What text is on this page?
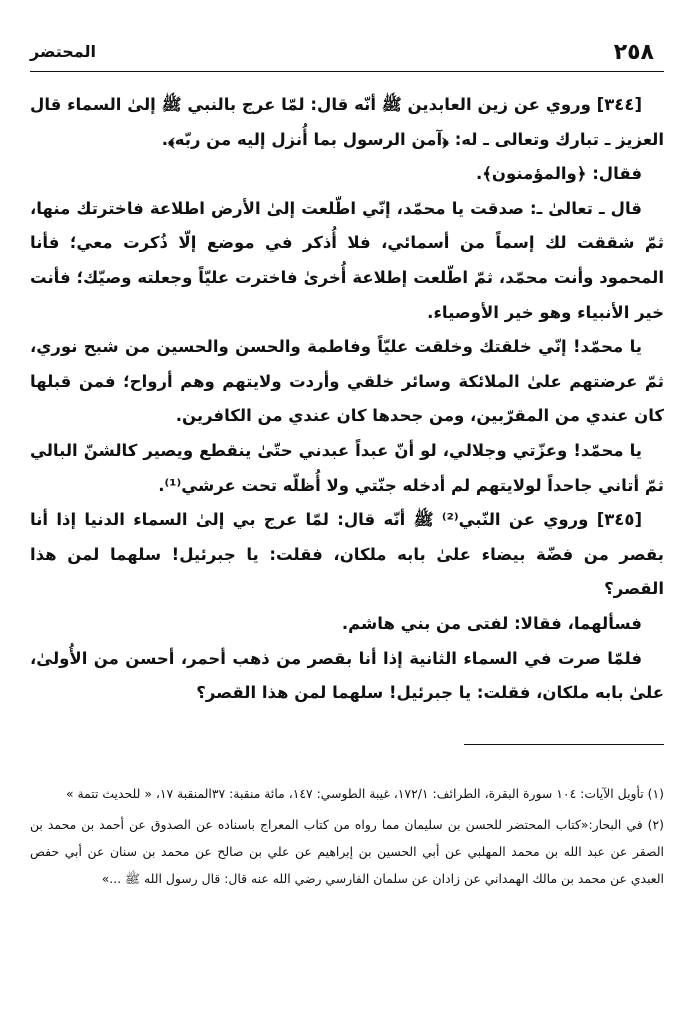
٢٥٨
المحتضر

[٣٤٤] وروي عن زين العابدين ﷺ أنّه قال: لمّا عرج بالنبي ﷺ إلىٰ السماء قال العزيز ـ تبارك وتعالى ـ له: ﴿آمن الرسول بما أُنزل إليه من ربّه﴾.

فقال: ﴿والمؤمنون﴾.

قال ـ تعالىٰ ـ: صدقت يا محمّد، إنّي اطّلعت إلىٰ الأرض اطلاعة فاخترتك منها، ثمّ شققت لك إسماً من أسمائي، فلا أُذكر في موضع إلّا ذُكرت معي؛ فأنا المحمود وأنت محمّد، ثمّ اطّلعت إطلاعة أُخرىٰ فاخترت عليّاً وجعلته وصيّك؛ فأنت خير الأنبياء وهو خير الأوصياء.

يا محمّد! إنّي خلقتك وخلقت عليّاً وفاطمة والحسن والحسين من شبح نوري، ثمّ عرضتهم علىٰ الملائكة وسائر خلقي وأردت ولايتهم وهم أرواح؛ فمن قبلها كان عندي من المقرّبين، ومن جحدها كان عندي من الكافرين.

يا محمّد! وعزّتي وجلالي، لو أنّ عبداً عبدني حتّىٰ ينقطع ويصير كالشنّ البالي ثمّ أتاني جاحداً لولايتهم لم أدخله جنّتي ولا أُظلّه تحت عرشي⁽¹⁾.

[٣٤٥] وروي عن النّبي⁽²⁾ ﷺ أنّه قال: لمّا عرج بي إلىٰ السماء الدنيا إذا أنا بقصر من فضّة بيضاء علىٰ بابه ملكان، فقلت: يا جبرئيل! سلهما لمن هذا القصر؟

فسألهما، فقالا: لفتى من بني هاشم.

فلمّا صرت في السماء الثانية إذا أنا بقصر من ذهب أحمر، أحسن من الأُولىٰ، علىٰ بابه ملكان، فقلت: يا جبرئيل! سلهما لمن هذا القصر؟

(١) تأويل الآيات: ١٠٤ سورة البقرة، الطرائف: ١٧٢/١، غيبة الطوسي: ١٤٧، مائة منقبة: ٣٧المنقبة ١٧، « للحديث تتمة »

(٢) في البحار:«كتاب المحتضر للحسن بن سليمان مما رواه من كتاب المعراج باسناده عن الصدوق عن أحمد بن محمد بن الصقر عن عبد الله بن محمد المهلبي عن أبي الحسين بن إبراهيم عن علي بن صالح عن محمد بن سنان عن أبي حفص العبدي عن محمد بن مالك الهمداني عن زادان عن سلمان الفارسي رضي الله عنه قال: قال رسول الله ﷺ ...»
